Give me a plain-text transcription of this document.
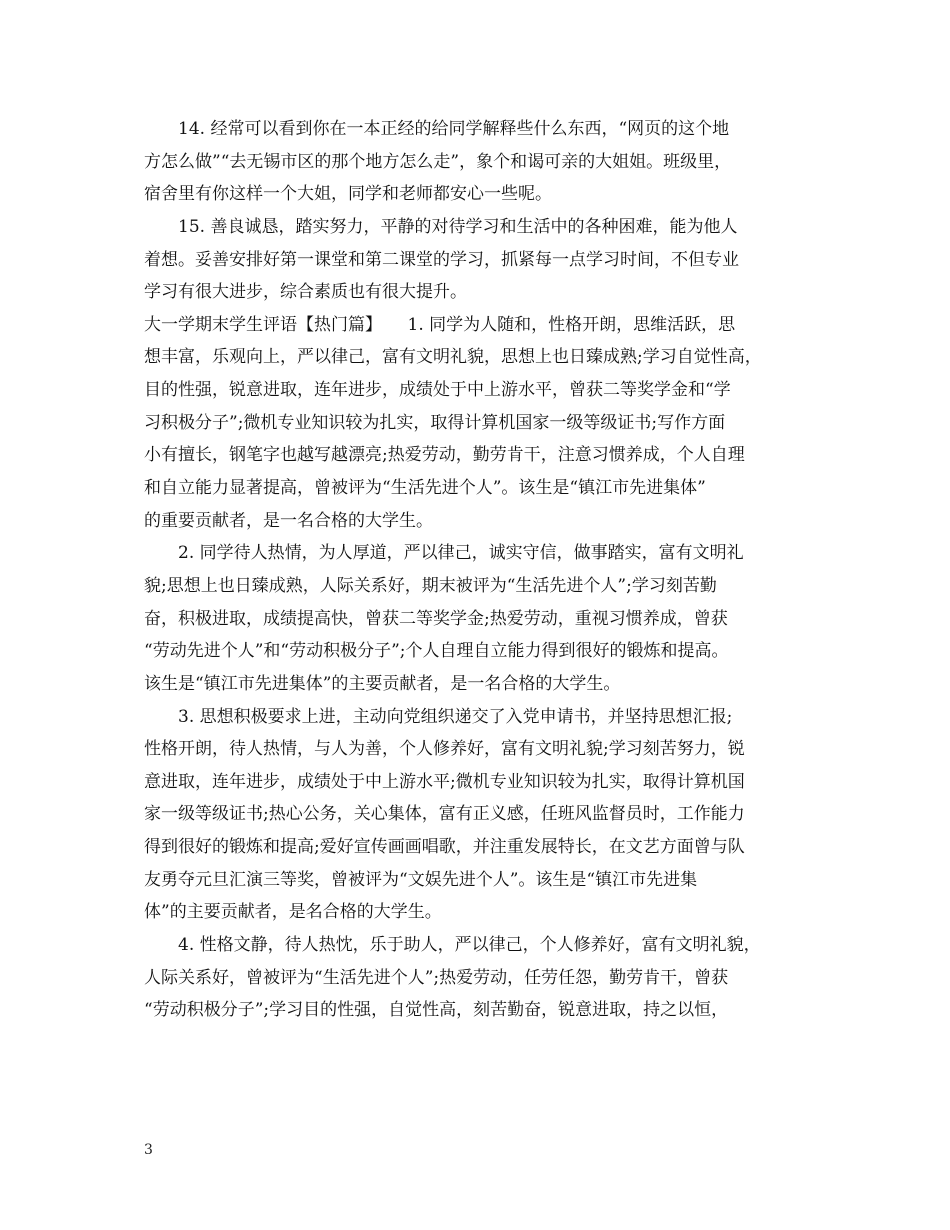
14. 经常可以看到你在一本正经的给同学解释些什么东西，“网页的这个地
方怎么做”“去无锡市区的那个地方怎么走”，象个和谒可亲的大姐姐。班级里，
宿舍里有你这样一个大姐，同学和老师都安心一些呢。
15. 善良诚恳，踏实努力，平静的对待学习和生活中的各种困难，能为他人
着想。妥善安排好第一课堂和第二课堂的学习，抓紧每一点学习时间，不但专业
学习有很大进步，综合素质也有很大提升。
大一学期末学生评语【热门篇】　　1. 同学为人随和，性格开朗，思维活跃，思
想丰富，乐观向上，严以律己，富有文明礼貌，思想上也日臻成熟;学习自觉性高，
目的性强，锐意进取，连年进步，成绩处于中上游水平，曾获二等奖学金和“学
习积极分子”;微机专业知识较为扎实，取得计算机国家一级等级证书;写作方面
小有擅长，钢笔字也越写越漂亮;热爱劳动，勤劳肯干，注意习惯养成，个人自理
和自立能力显著提高，曾被评为“生活先进个人”。该生是“镇江市先进集体”
的重要贡献者，是一名合格的大学生。
2. 同学待人热情，为人厚道，严以律己，诚实守信，做事踏实，富有文明礼
貌;思想上也日臻成熟，人际关系好，期末被评为“生活先进个人”;学习刻苦勤
奋，积极进取，成绩提高快，曾获二等奖学金;热爱劳动，重视习惯养成，曾获
“劳动先进个人”和“劳动积极分子”;个人自理自立能力得到很好的锻炼和提高。
该生是“镇江市先进集体”的主要贡献者，是一名合格的大学生。
3. 思想积极要求上进，主动向党组织递交了入党申请书，并坚持思想汇报;
性格开朗，待人热情，与人为善，个人修养好，富有文明礼貌;学习刻苦努力，锐
意进取，连年进步，成绩处于中上游水平;微机专业知识较为扎实，取得计算机国
家一级等级证书;热心公务，关心集体，富有正义感，任班风监督员时，工作能力
得到很好的锻炼和提高;爱好宣传画画唱歌，并注重发展特长，在文艺方面曾与队
友勇夺元旦汇演三等奖，曾被评为“文娱先进个人”。该生是“镇江市先进集
体”的主要贡献者，是名合格的大学生。
4. 性格文静，待人热忱，乐于助人，严以律己，个人修养好，富有文明礼貌，
人际关系好，曾被评为“生活先进个人”;热爱劳动，任劳任怨，勤劳肯干，曾获
“劳动积极分子”;学习目的性强，自觉性高，刻苦勤奋，锐意进取，持之以恒，
3
